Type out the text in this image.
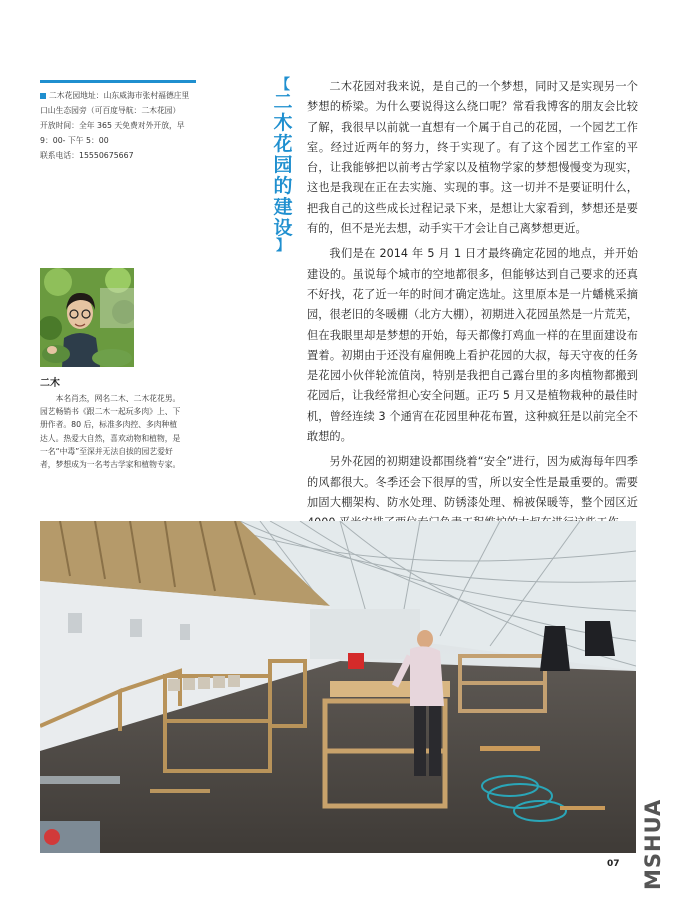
二木花园地址：山东威海市张村福德庄里口山生态园旁（可百度导航：二木花园）

开放时间：全年 365 天免费对外开放，早 9：00- 下午 5：00

联系电话：15550675667

二木
本名肖杰，网名二木、二木花花男。园艺畅销书《跟二木一起玩多肉》上、下册作者。80 后，标准多肉控、多肉种植达人。热爱大自然，喜欢动物和植物，是一名“中毒”至深并无法自拔的园艺爱好者，梦想成为一名考古学家和植物专家。
【
二
木
花
园
的
建
设
】

二木花园对我来说，是自己的一个梦想，同时又是实现另一个梦想的桥梁。为什么要说得这么绕口呢？常看我博客的朋友会比较了解，我很早以前就一直想有一个属于自己的花园，一个园艺工作室。经过近两年的努力，终于实现了。有了这个园艺工作室的平台，让我能够把以前考古学家以及植物学家的梦想慢慢变为现实，这也是我现在正在去实施、实现的事。这一切并不是要证明什么，把我自己的这些成长过程记录下来，是想让大家看到，梦想还是要有的，但不是光去想，动手实干才会让自己离梦想更近。

我们是在 2014 年 5 月 1 日才最终确定花园的地点，并开始建设的。虽说每个城市的空地都很多，但能够达到自己要求的还真不好找，花了近一年的时间才确定选址。这里原本是一片蟠桃采摘园，很老旧的冬暖棚（北方大棚），初期进入花园虽然是一片荒芜，但在我眼里却是梦想的开始，每天都像打鸡血一样的在里面建设布置着。初期由于还没有雇佣晚上看护花园的大叔，每天守夜的任务是花园小伙伴轮流值岗，特别是我把自己露台里的多肉植物都搬到花园后，让我经常担心安全问题。正巧 5 月又是植物栽种的最佳时机，曾经连续 3 个通宵在花园里种花布置，这种疯狂是以前完全不敢想的。

另外花园的初期建设都围绕着“安全”进行，因为威海每年四季的风都很大。冬季还会下很厚的雪，所以安全性是最重要的。需要加固大棚架构、防水处理、防锈漆处理、棉被保暖等，整个园区近

07 MSHUA
